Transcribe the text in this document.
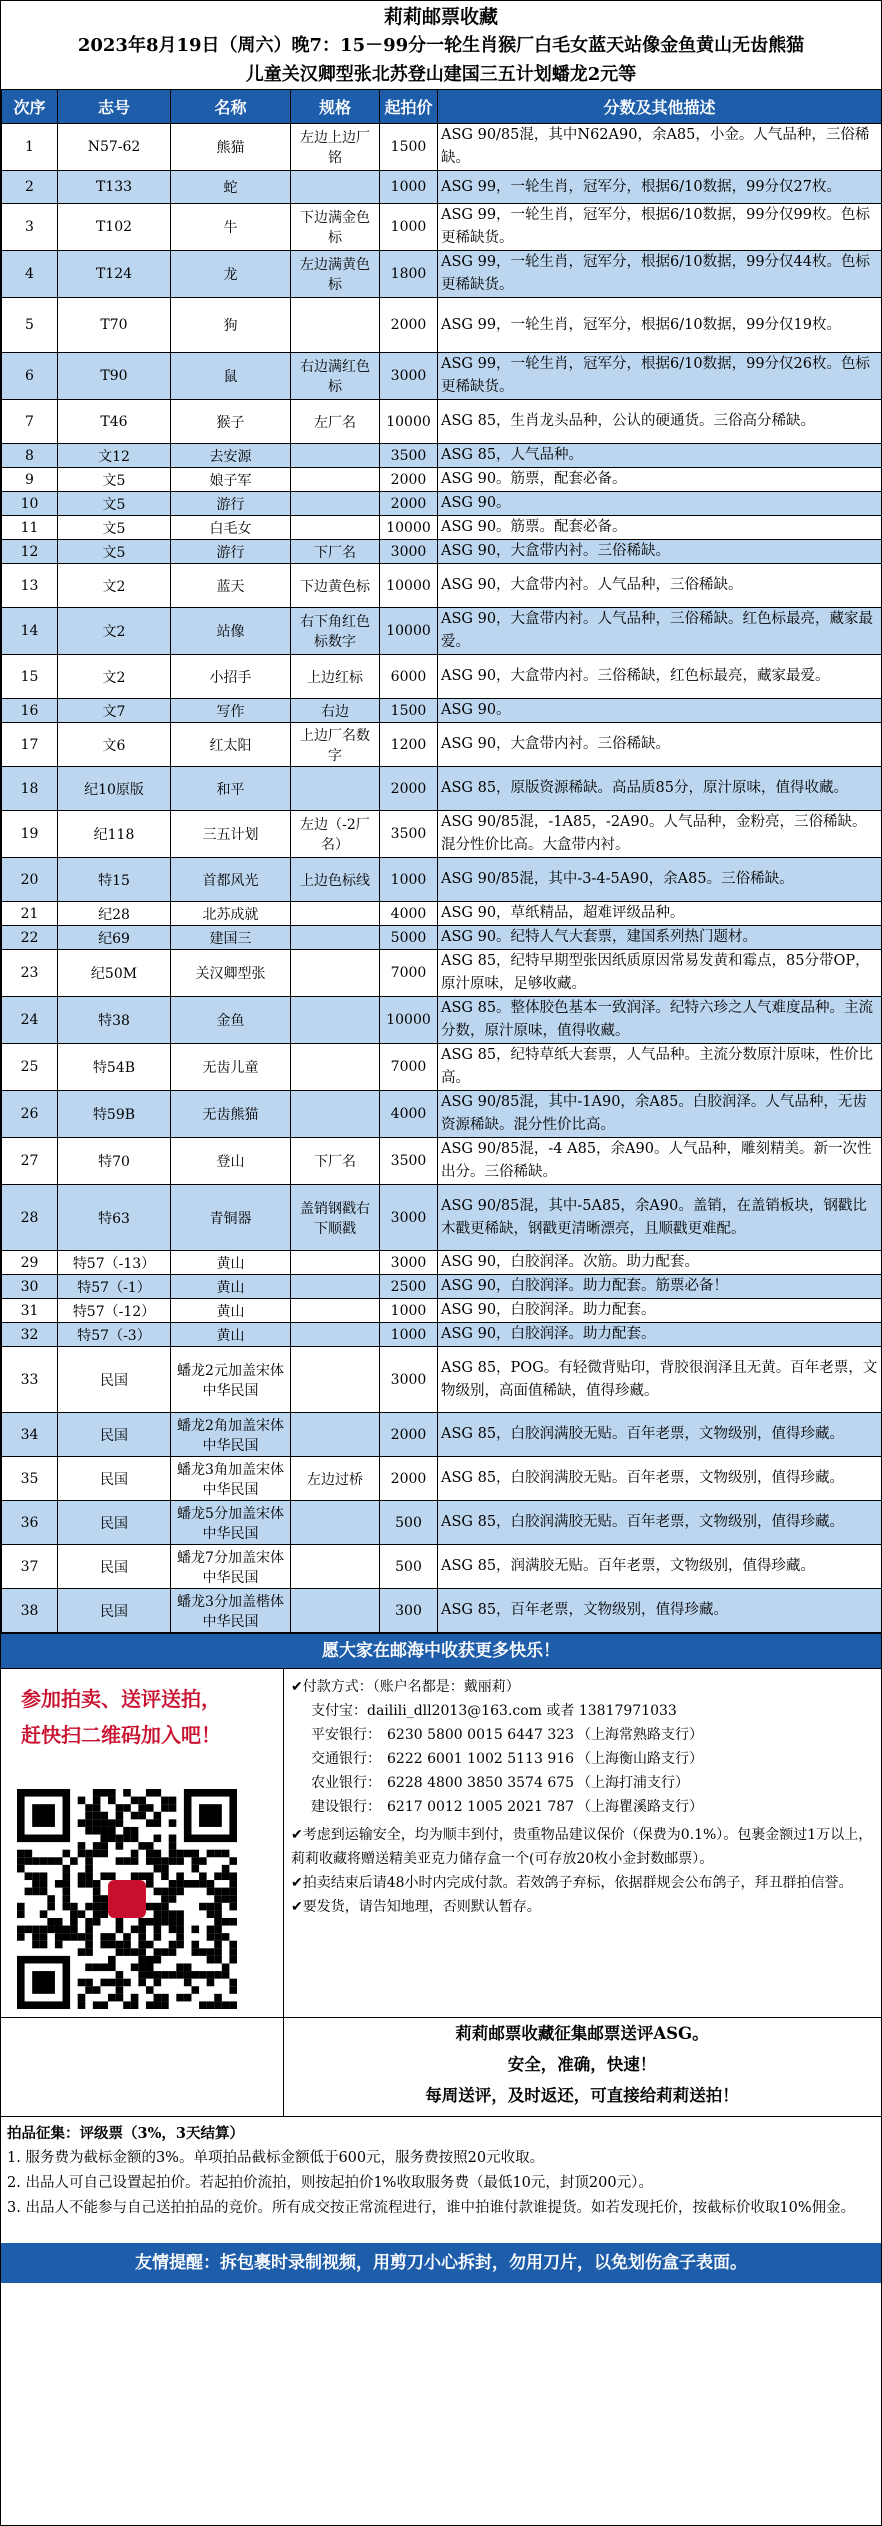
莉莉邮票收藏
2023年8月19日（周六）晚7：15－99分一轮生肖猴厂白毛女蓝天站像金鱼黄山无齿熊猫
儿童关汉卿型张北苏登山建国三五计划蟠龙2元等
次序	志号	名称	规格	起拍价	分数及其他描述
1	N57-62	熊猫	左边上边厂铭	1500	ASG 90/85混，其中N62A90，余A85，小金。人气品种，三俗稀缺。
2	T133	蛇		1000	ASG 99，一轮生肖，冠军分，根据6/10数据，99分仅27枚。
3	T102	牛	下边满金色标	1000	ASG 99，一轮生肖，冠军分，根据6/10数据，99分仅99枚。色标更稀缺货。
4	T124	龙	左边满黄色标	1800	ASG 99，一轮生肖，冠军分，根据6/10数据，99分仅44枚。色标更稀缺货。
5	T70	狗		2000	ASG 99，一轮生肖，冠军分，根据6/10数据，99分仅19枚。
6	T90	鼠	右边满红色标	3000	ASG 99，一轮生肖，冠军分，根据6/10数据，99分仅26枚。色标更稀缺货。
7	T46	猴子	左厂名	10000	ASG 85，生肖龙头品种，公认的硬通货。三俗高分稀缺。
8	文12	去安源		3500	ASG 85，人气品种。
9	文5	娘子军		2000	ASG 90。筋票，配套必备。
10	文5	游行		2000	ASG 90。
11	文5	白毛女		10000	ASG 90。筋票。配套必备。
12	文5	游行	下厂名	3000	ASG 90，大盒带内衬。三俗稀缺。
13	文2	蓝天	下边黄色标	10000	ASG 90，大盒带内衬。人气品种，三俗稀缺。
14	文2	站像	右下角红色标数字	10000	ASG 90，大盒带内衬。人气品种，三俗稀缺。红色标最亮，藏家最爱。
15	文2	小招手	上边红标	6000	ASG 90，大盒带内衬。三俗稀缺，红色标最亮，藏家最爱。
16	文7	写作	右边	1500	ASG 90。
17	文6	红太阳	上边厂名数字	1200	ASG 90，大盒带内衬。三俗稀缺。
18	纪10原版	和平		2000	ASG 85，原版资源稀缺。高品质85分，原汁原味，值得收藏。
19	纪118	三五计划	左边（-2厂名）	3500	ASG 90/85混，-1A85，-2A90。人气品种，金粉亮，三俗稀缺。混分性价比高。大盒带内衬。
20	特15	首都风光	上边色标线	1000	ASG 90/85混，其中-3-4-5A90，余A85。三俗稀缺。
21	纪28	北苏成就		4000	ASG 90，草纸精品，超难评级品种。
22	纪69	建国三		5000	ASG 90。纪特人气大套票，建国系列热门题材。
23	纪50M	关汉卿型张		7000	ASG 85，纪特早期型张因纸质原因常易发黄和霉点，85分带OP，原汁原味，足够收藏。
24	特38	金鱼		10000	ASG 85。整体胶色基本一致润泽。纪特六珍之人气难度品种。主流分数，原汁原味，值得收藏。
25	特54B	无齿儿童		7000	ASG 85，纪特草纸大套票，人气品种。主流分数原汁原味，性价比高。
26	特59B	无齿熊猫		4000	ASG 90/85混，其中-1A90，余A85。白胶润泽。人气品种，无齿资源稀缺。混分性价比高。
27	特70	登山	下厂名	3500	ASG 90/85混，-4 A85，余A90。人气品种，雕刻精美。新一次性出分。三俗稀缺。
28	特63	青铜器	盖销钢戳右下顺戳	3000	ASG 90/85混，其中-5A85，余A90。盖销，在盖销板块，钢戳比木戳更稀缺，钢戳更清晰漂亮，且顺戳更难配。
29	特57（-13）	黄山		3000	ASG 90，白胶润泽。次筋。助力配套。
30	特57（-1）	黄山		2500	ASG 90，白胶润泽。助力配套。筋票必备！
31	特57（-12）	黄山		1000	ASG 90，白胶润泽。助力配套。
32	特57（-3）	黄山		1000	ASG 90，白胶润泽。助力配套。
33	民国	蟠龙2元加盖宋体中华民国		3000	ASG 85，POG。有轻微背贴印，背胶很润泽且无黄。百年老票，文物级别，高面值稀缺，值得珍藏。
34	民国	蟠龙2角加盖宋体中华民国		2000	ASG 85，白胶润满胶无贴。百年老票，文物级别，值得珍藏。
35	民国	蟠龙3角加盖宋体中华民国	左边过桥	2000	ASG 85，白胶润满胶无贴。百年老票，文物级别，值得珍藏。
36	民国	蟠龙5分加盖宋体中华民国		500	ASG 85，白胶润满胶无贴。百年老票，文物级别，值得珍藏。
37	民国	蟠龙7分加盖宋体中华民国		500	ASG 85，润满胶无贴。百年老票，文物级别，值得珍藏。
38	民国	蟠龙3分加盖楷体中华民国		300	ASG 85，百年老票，文物级别，值得珍藏。
愿大家在邮海中收获更多快乐！
参加拍卖、送评送拍，
赶快扫二维码加入吧！
✔付款方式：（账户名都是：戴丽莉）
支付宝：dailili_dll2013@163.com 或者 13817971033
平安银行： 6230 5800 0015 6447 323 （上海常熟路支行）
交通银行： 6222 6001 1002 5113 916 （上海衡山路支行）
农业银行： 6228 4800 3850 3574 675 （上海打浦支行）
建设银行： 6217 0012 1005 2021 787 （上海瞿溪路支行）
✔考虑到运输安全，均为顺丰到付，贵重物品建议保价（保费为0.1%）。包裹金额过1万以上，莉莉收藏将赠送精美亚克力储存盒一个(可存放20枚小金封数邮票）。
✔拍卖结束后请48小时内完成付款。若效鸽子弃标，依据群规会公布鸽子，拜丑群拍信誉。
✔要发货，请告知地理，否则默认暂存。
莉莉邮票收藏征集邮票送评ASG。
安全，准确，快速！
每周送评，及时返还，可直接给莉莉送拍！
拍品征集：评级票（3%，3天结算）
1. 服务费为截标金额的3%。单项拍品截标金额低于600元，服务费按照20元收取。
2. 出品人可自己设置起拍价。若起拍价流拍，则按起拍价1%收取服务费（最低10元，封顶200元）。
3. 出品人不能参与自己送拍拍品的竞价。所有成交按正常流程进行，谁中拍谁付款谁提货。如若发现托价，按截标价收取10%佣金。
友情提醒：拆包裹时录制视频，用剪刀小心拆封，勿用刀片，以免划伤盒子表面。
